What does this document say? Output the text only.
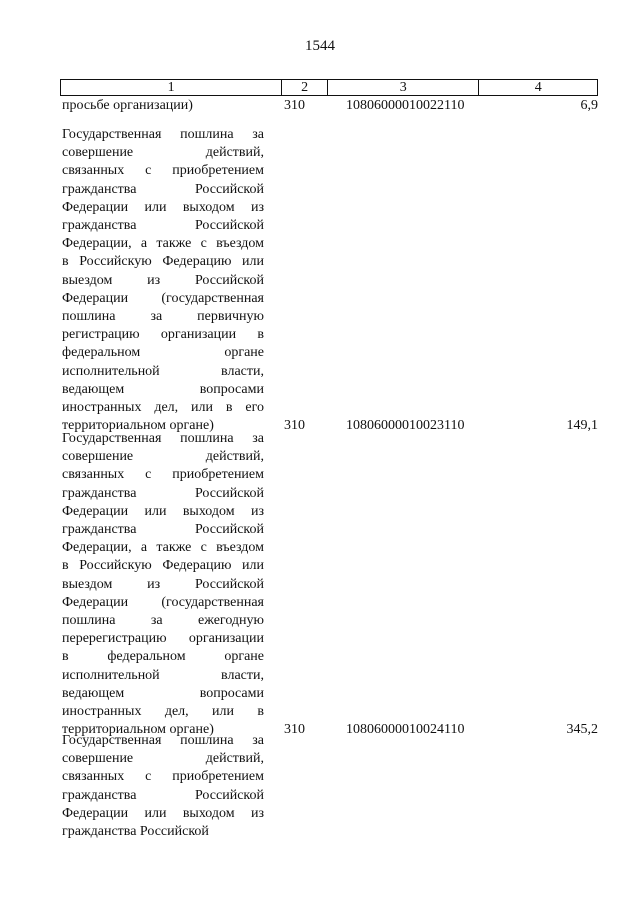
1544
1	2	3	4
просьбе организации)	310	10806000010022110	6,9
Государственная пошлина за
совершение действий,
связанных с приобретением
гражданства Российской
Федерации или выходом из
гражданства Российской
Федерации, а также с въездом
в Российскую Федерацию или
выездом из Российской
Федерации (государственная
пошлина за первичную
регистрацию организации в
федеральном органе
исполнительной власти,
ведающем вопросами
иностранных дел, или в его
территориальном органе)	310	10806000010023110	149,1
Государственная пошлина за
совершение действий,
связанных с приобретением
гражданства Российской
Федерации или выходом из
гражданства Российской
Федерации, а также с въездом
в Российскую Федерацию или
выездом из Российской
Федерации (государственная
пошлина за ежегодную
перерегистрацию организации
в федеральном органе
исполнительной власти,
ведающем вопросами
иностранных дел, или в
территориальном органе)	310	10806000010024110	345,2
Государственная пошлина за
совершение действий,
связанных с приобретением
гражданства Российской
Федерации или выходом из
гражданства Российской
